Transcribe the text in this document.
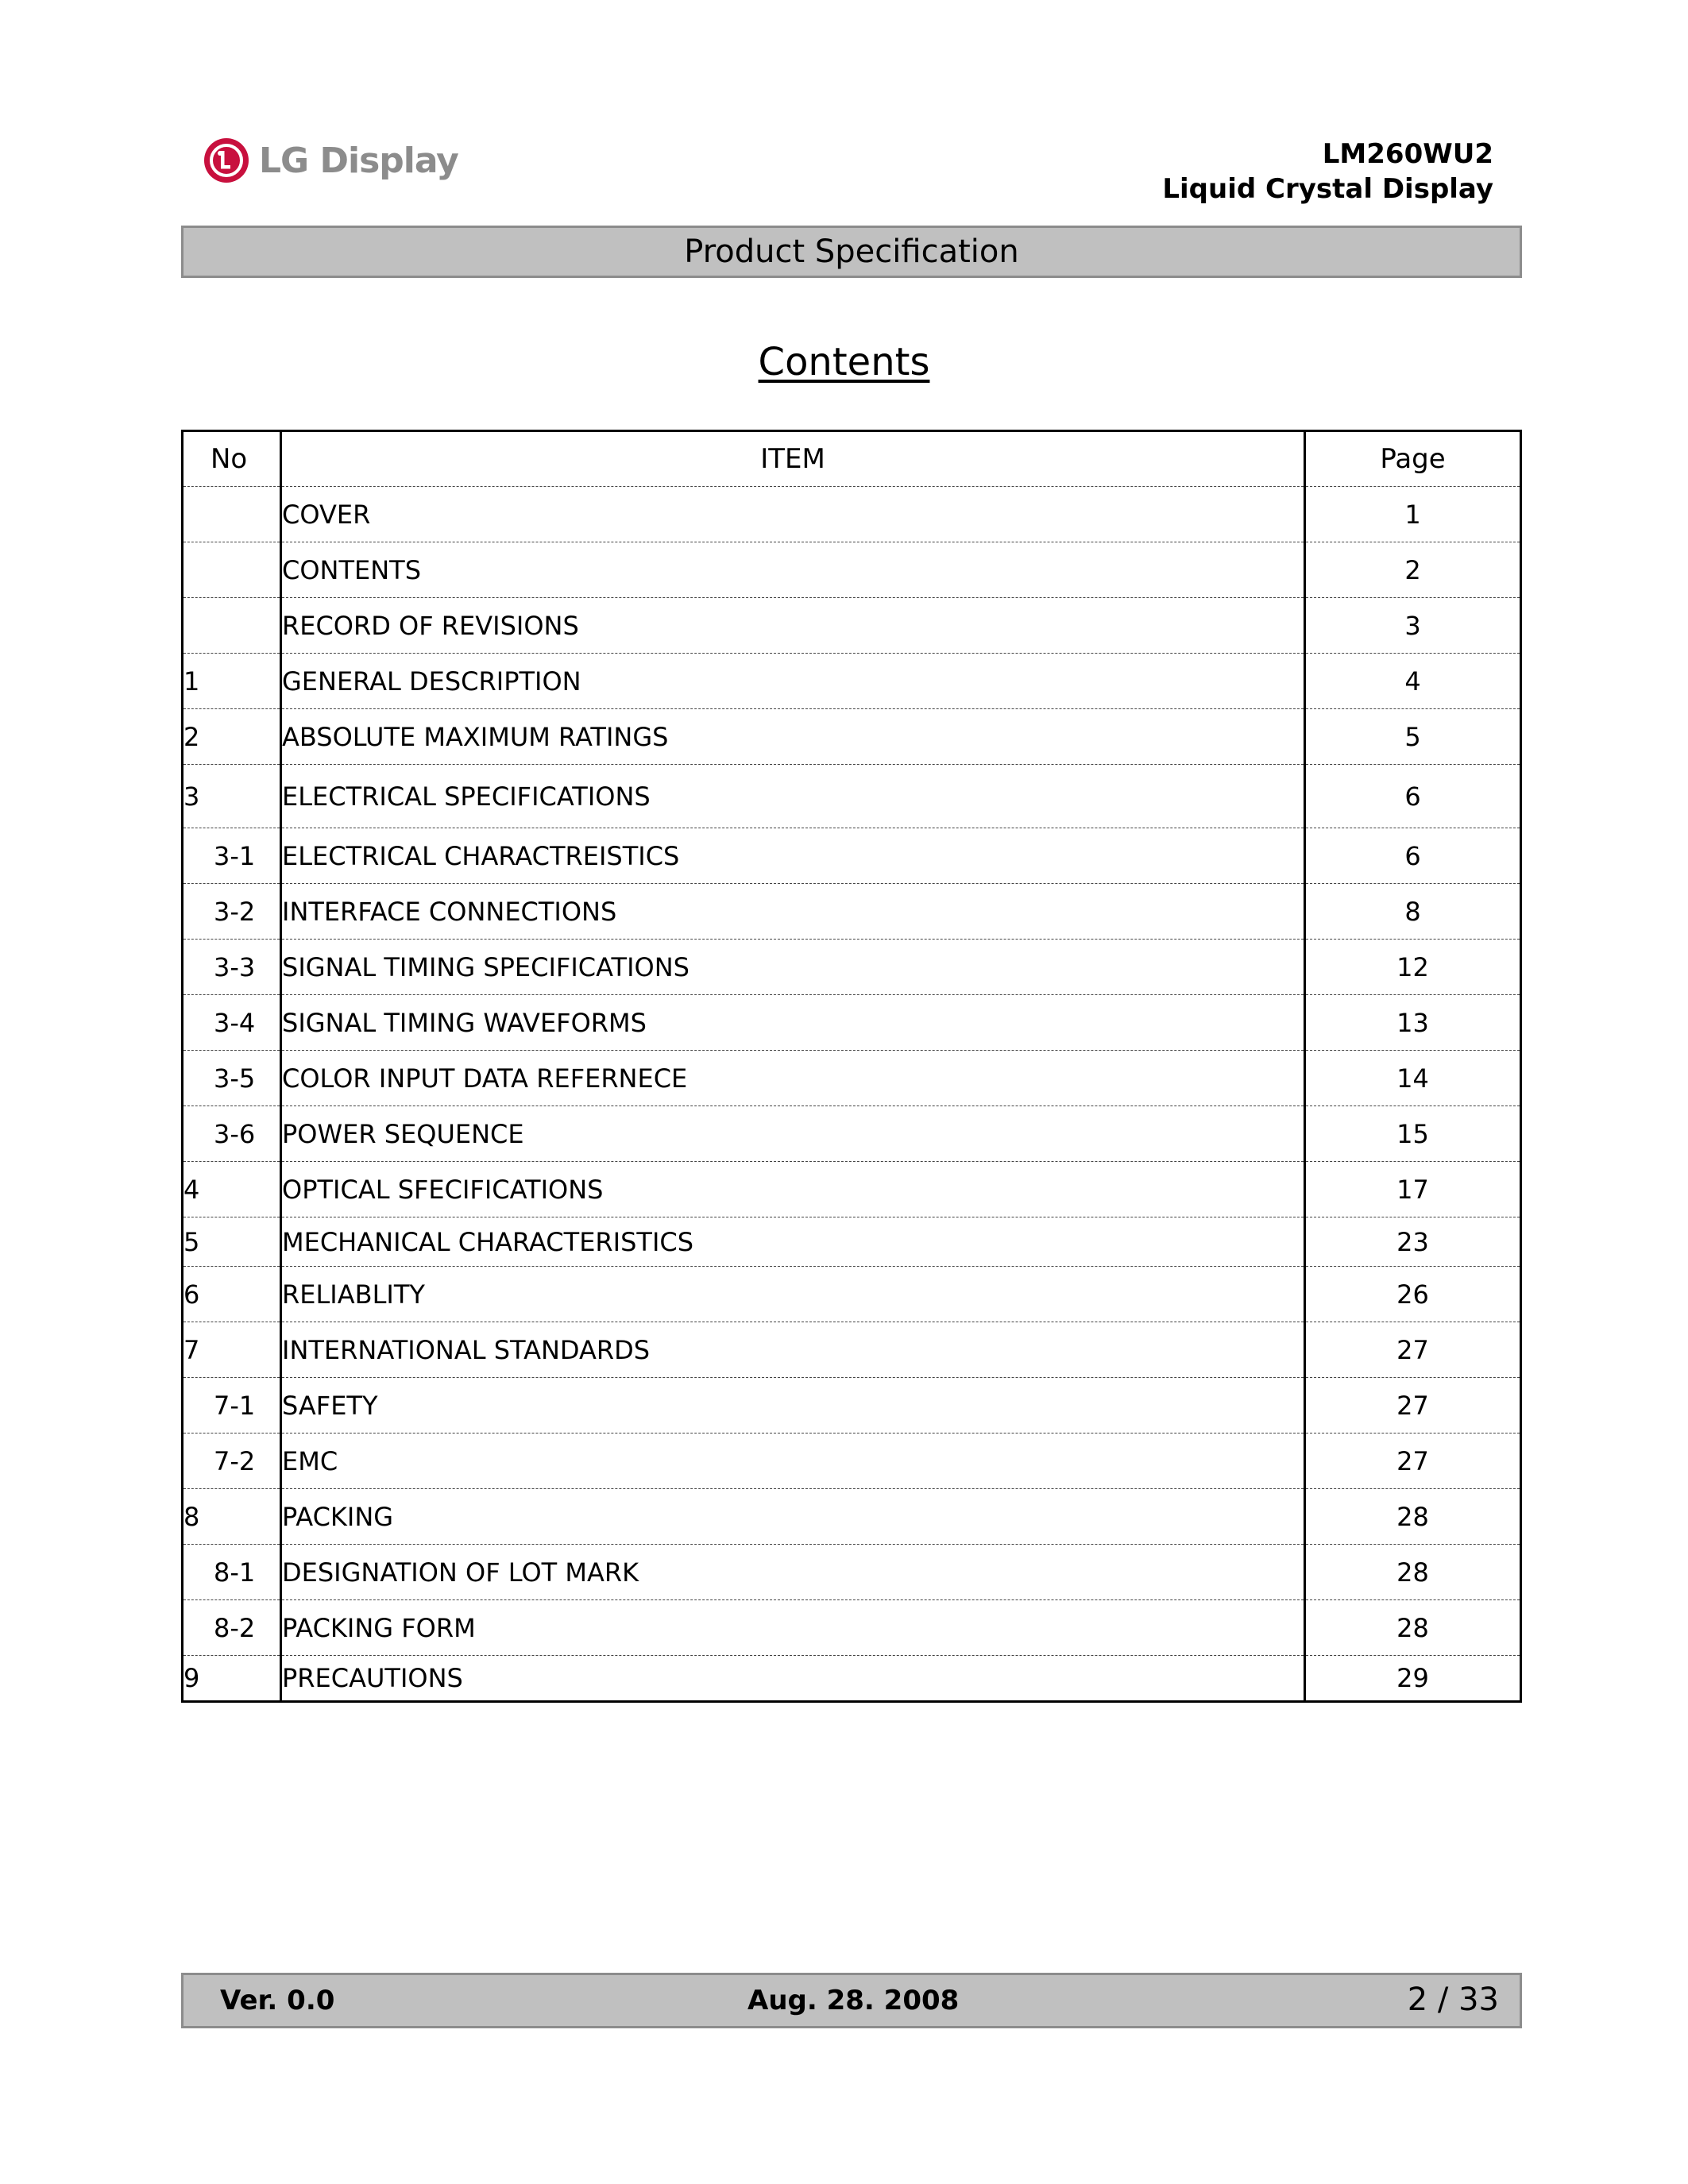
LG Display	LM260WU2
Liquid Crystal Display
Product Specification
Contents
No	ITEM	Page
	COVER	1
	CONTENTS	2
	RECORD OF REVISIONS	3
1	GENERAL DESCRIPTION	4
2	ABSOLUTE MAXIMUM RATINGS	5
3	ELECTRICAL SPECIFICATIONS	6
3-1	ELECTRICAL CHARACTREISTICS	6
3-2	INTERFACE CONNECTIONS	8
3-3	SIGNAL TIMING SPECIFICATIONS	12
3-4	SIGNAL TIMING WAVEFORMS	13
3-5	COLOR INPUT DATA REFERNECE	14
3-6	POWER SEQUENCE	15
4	OPTICAL SFECIFICATIONS	17
5	MECHANICAL CHARACTERISTICS	23
6	RELIABLITY	26
7	INTERNATIONAL STANDARDS	27
7-1	SAFETY	27
7-2	EMC	27
8	PACKING	28
8-1	DESIGNATION OF LOT MARK	28
8-2	PACKING FORM	28
9	PRECAUTIONS	29
Ver. 0.0	Aug. 28. 2008	2 / 33
